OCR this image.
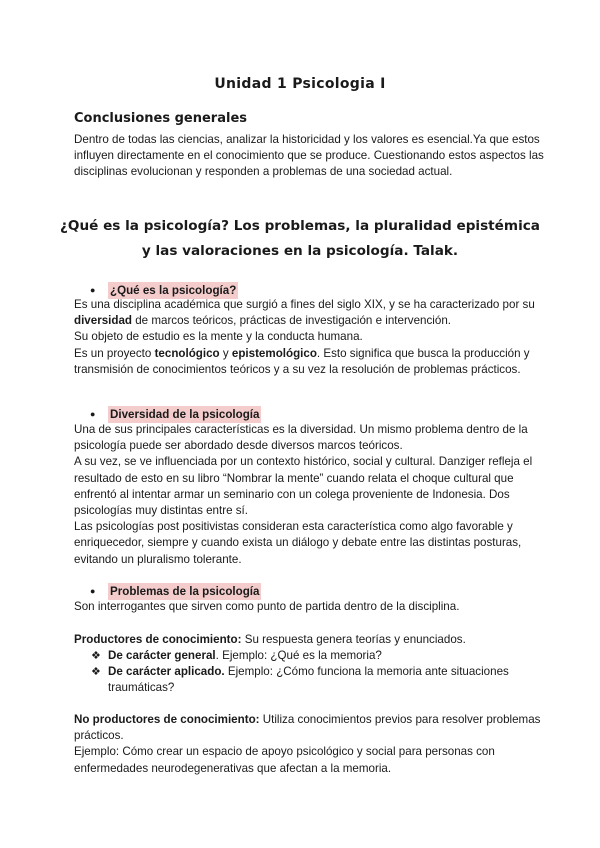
Unidad 1 Psicologia I
Conclusiones generales

Dentro de todas las ciencias, analizar la historicidad y los valores es esencial.Ya que estos influyen directamente en el conocimiento que se produce. Cuestionando estos aspectos las disciplinas evolucionan y responden a problemas de una sociedad actual.

¿Qué es la psicología? Los problemas, la pluralidad epistémica y las valoraciones en la psicología. Talak.
●	¿Qué es la psicología?

Es una disciplina académica que surgió a fines del siglo XIX, y se ha caracterizado por su diversidad de marcos teóricos, prácticas de investigación e intervención.

Su objeto de estudio es la mente y la conducta humana.

Es un proyecto tecnológico y epistemológico. Esto significa que busca la producción y transmisión de conocimientos teóricos y a su vez la resolución de problemas prácticos.

●	Diversidad de la psicología

Una de sus principales características es la diversidad. Un mismo problema dentro de la psicología puede ser abordado desde diversos marcos teóricos.

A su vez, se ve influenciada por un contexto histórico, social y cultural. Danziger refleja el resultado de esto en su libro “Nombrar la mente” cuando relata el choque cultural que enfrentó al intentar armar un seminario con un colega proveniente de Indonesia. Dos psicologías muy distintas entre sí.

Las psicologías post positivistas consideran esta característica como algo favorable y enriquecedor, siempre y cuando exista un diálogo y debate entre las distintas posturas, evitando un pluralismo tolerante.

●	Problemas de la psicología

Son interrogantes que sirven como punto de partida dentro de la disciplina.

Productores de conocimiento: Su respuesta genera teorías y enunciados.

❖ De carácter general. Ejemplo: ¿Qué es la memoria?

❖ De carácter aplicado. Ejemplo: ¿Cómo funciona la memoria ante situaciones traumáticas?

No productores de conocimiento: Utiliza conocimientos previos para resolver problemas prácticos.

Ejemplo: Cómo crear un espacio de apoyo psicológico y social para personas con enfermedades neurodegenerativas que afectan a la memoria.
